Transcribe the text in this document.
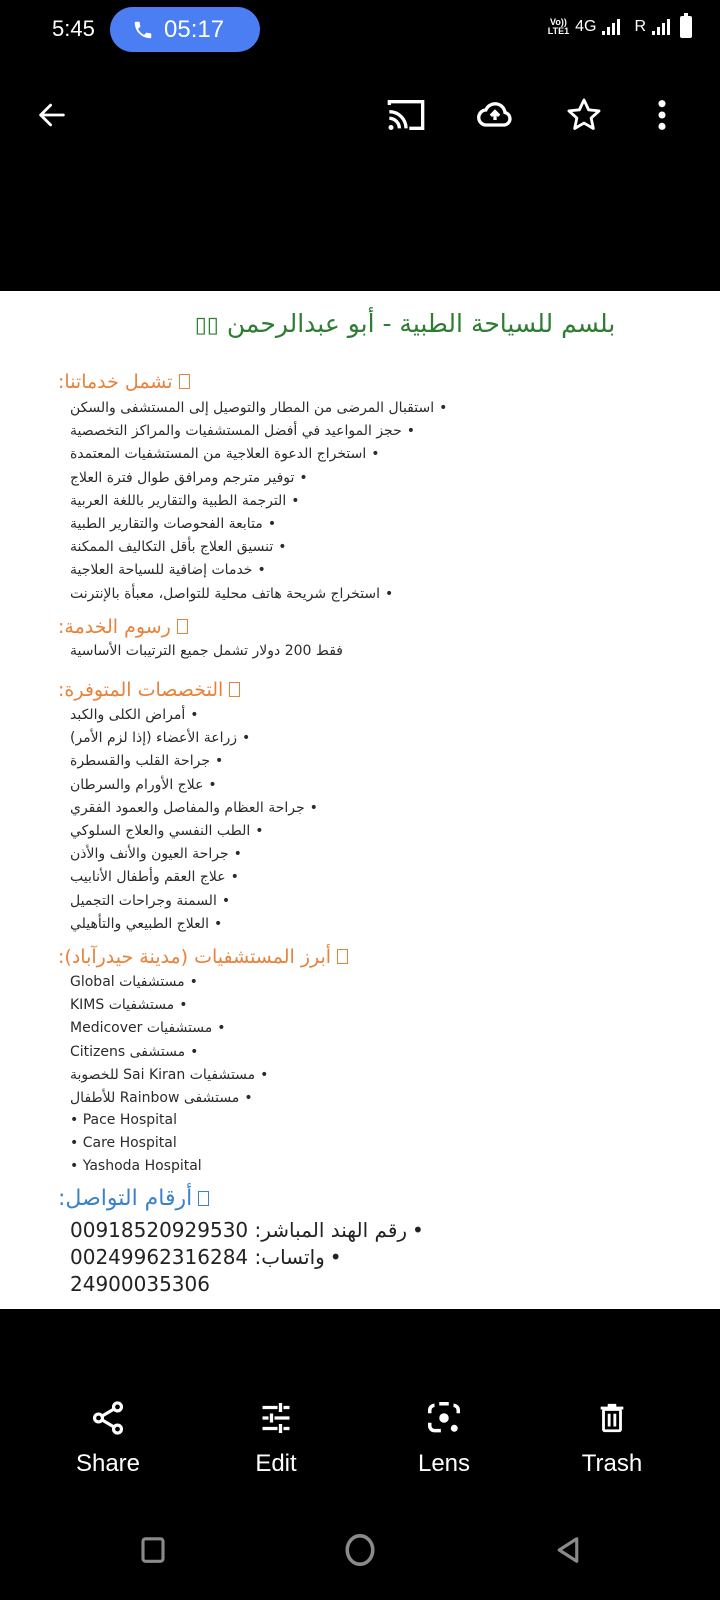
5:45	05:17	Vo))
LTE1 4G R
بلسم للسياحة الطبية - أبو عبدالرحمن ▯▯
تشمل خدماتنا:
•استقبال المرضى من المطار والتوصيل إلى المستشفى والسكن
•حجز المواعيد في أفضل المستشفيات والمراكز التخصصية
•استخراج الدعوة العلاجية من المستشفيات المعتمدة
•توفير مترجم ومرافق طوال فترة العلاج
•الترجمة الطبية والتقارير باللغة العربية
•متابعة الفحوصات والتقارير الطبية
•تنسيق العلاج بأقل التكاليف الممكنة
•خدمات إضافية للسياحة العلاجية
•استخراج شريحة هاتف محلية للتواصل، معبأة بالإنترنت
رسوم الخدمة:
فقط 200 دولار تشمل جميع الترتيبات الأساسية
التخصصات المتوفرة:
•أمراض الكلى والكبد
•زراعة الأعضاء (إذا لزم الأمر)
•جراحة القلب والقسطرة
•علاج الأورام والسرطان
•جراحة العظام والمفاصل والعمود الفقري
•الطب النفسي والعلاج السلوكي
•جراحة العيون والأنف والأذن
•علاج العقم وأطفال الأنابيب
•السمنة وجراحات التجميل
•العلاج الطبيعي والتأهيلي
أبرز المستشفيات (مدينة حيدرآباد):
•مستشفيات Global
•مستشفيات KIMS
•مستشفيات Medicover
•مستشفى Citizens
•مستشفيات Sai Kiran للخصوبة
•مستشفى Rainbow للأطفال
• Pace Hospital
• Care Hospital
• Yashoda Hospital
أرقام التواصل:
•رقم الهند المباشر: 00918520929530
•واتساب: 00249962316284
24900035306
Share	Edit	Lens	Trash
